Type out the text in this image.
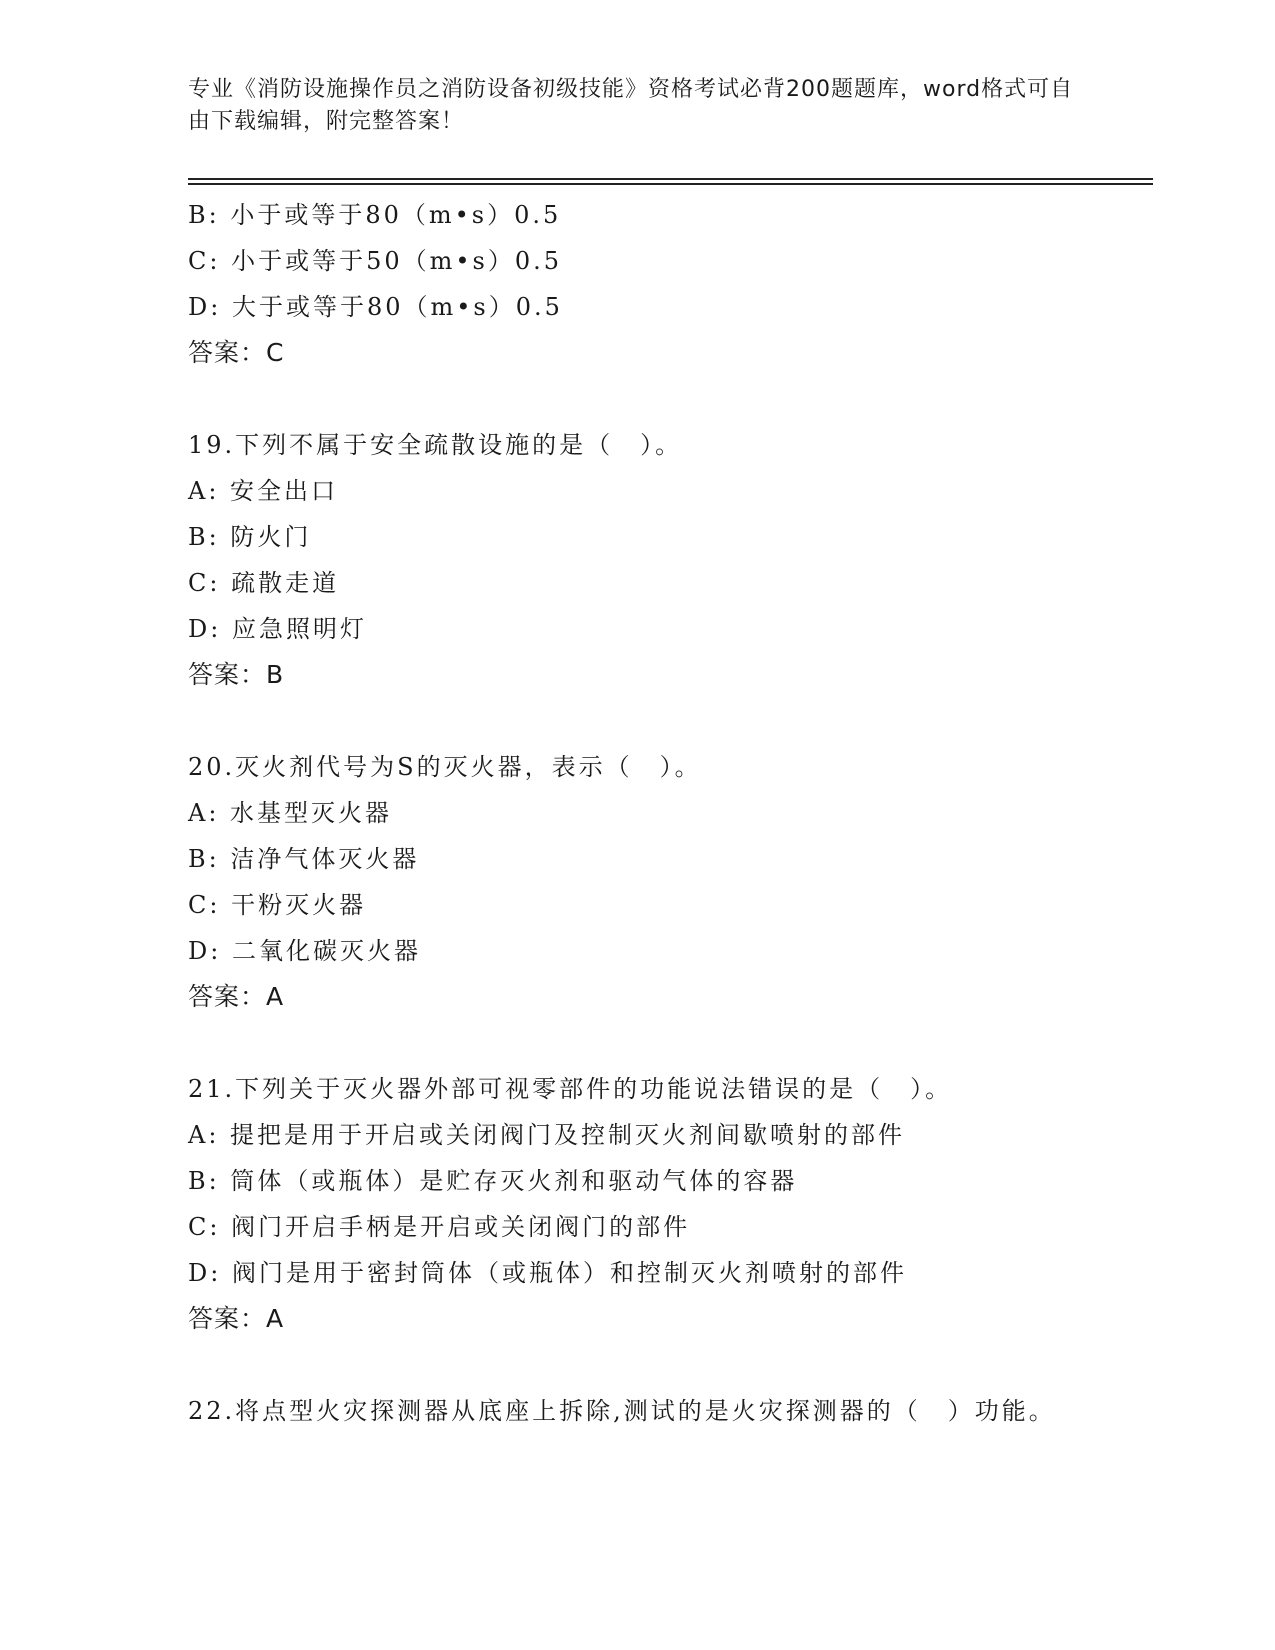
专业《消防设施操作员之消防设备初级技能》资格考试必背200题题库，word格式可自由下载编辑，附完整答案！
B: 小于或等于80（m•s）0.5
C: 小于或等于50（m•s）0.5
D: 大于或等于80（m•s）0.5
答案：C
19.下列不属于安全疏散设施的是（　）。
A: 安全出口
B: 防火门
C: 疏散走道
D: 应急照明灯
答案：B
20.灭火剂代号为S的灭火器，表示（　）。
A: 水基型灭火器
B: 洁净气体灭火器
C: 干粉灭火器
D: 二氧化碳灭火器
答案：A
21.下列关于灭火器外部可视零部件的功能说法错误的是（　）。
A: 提把是用于开启或关闭阀门及控制灭火剂间歇喷射的部件
B: 筒体（或瓶体）是贮存灭火剂和驱动气体的容器
C: 阀门开启手柄是开启或关闭阀门的部件
D: 阀门是用于密封筒体（或瓶体）和控制灭火剂喷射的部件
答案：A
22.将点型火灾探测器从底座上拆除,测试的是火灾探测器的（　）功能。
